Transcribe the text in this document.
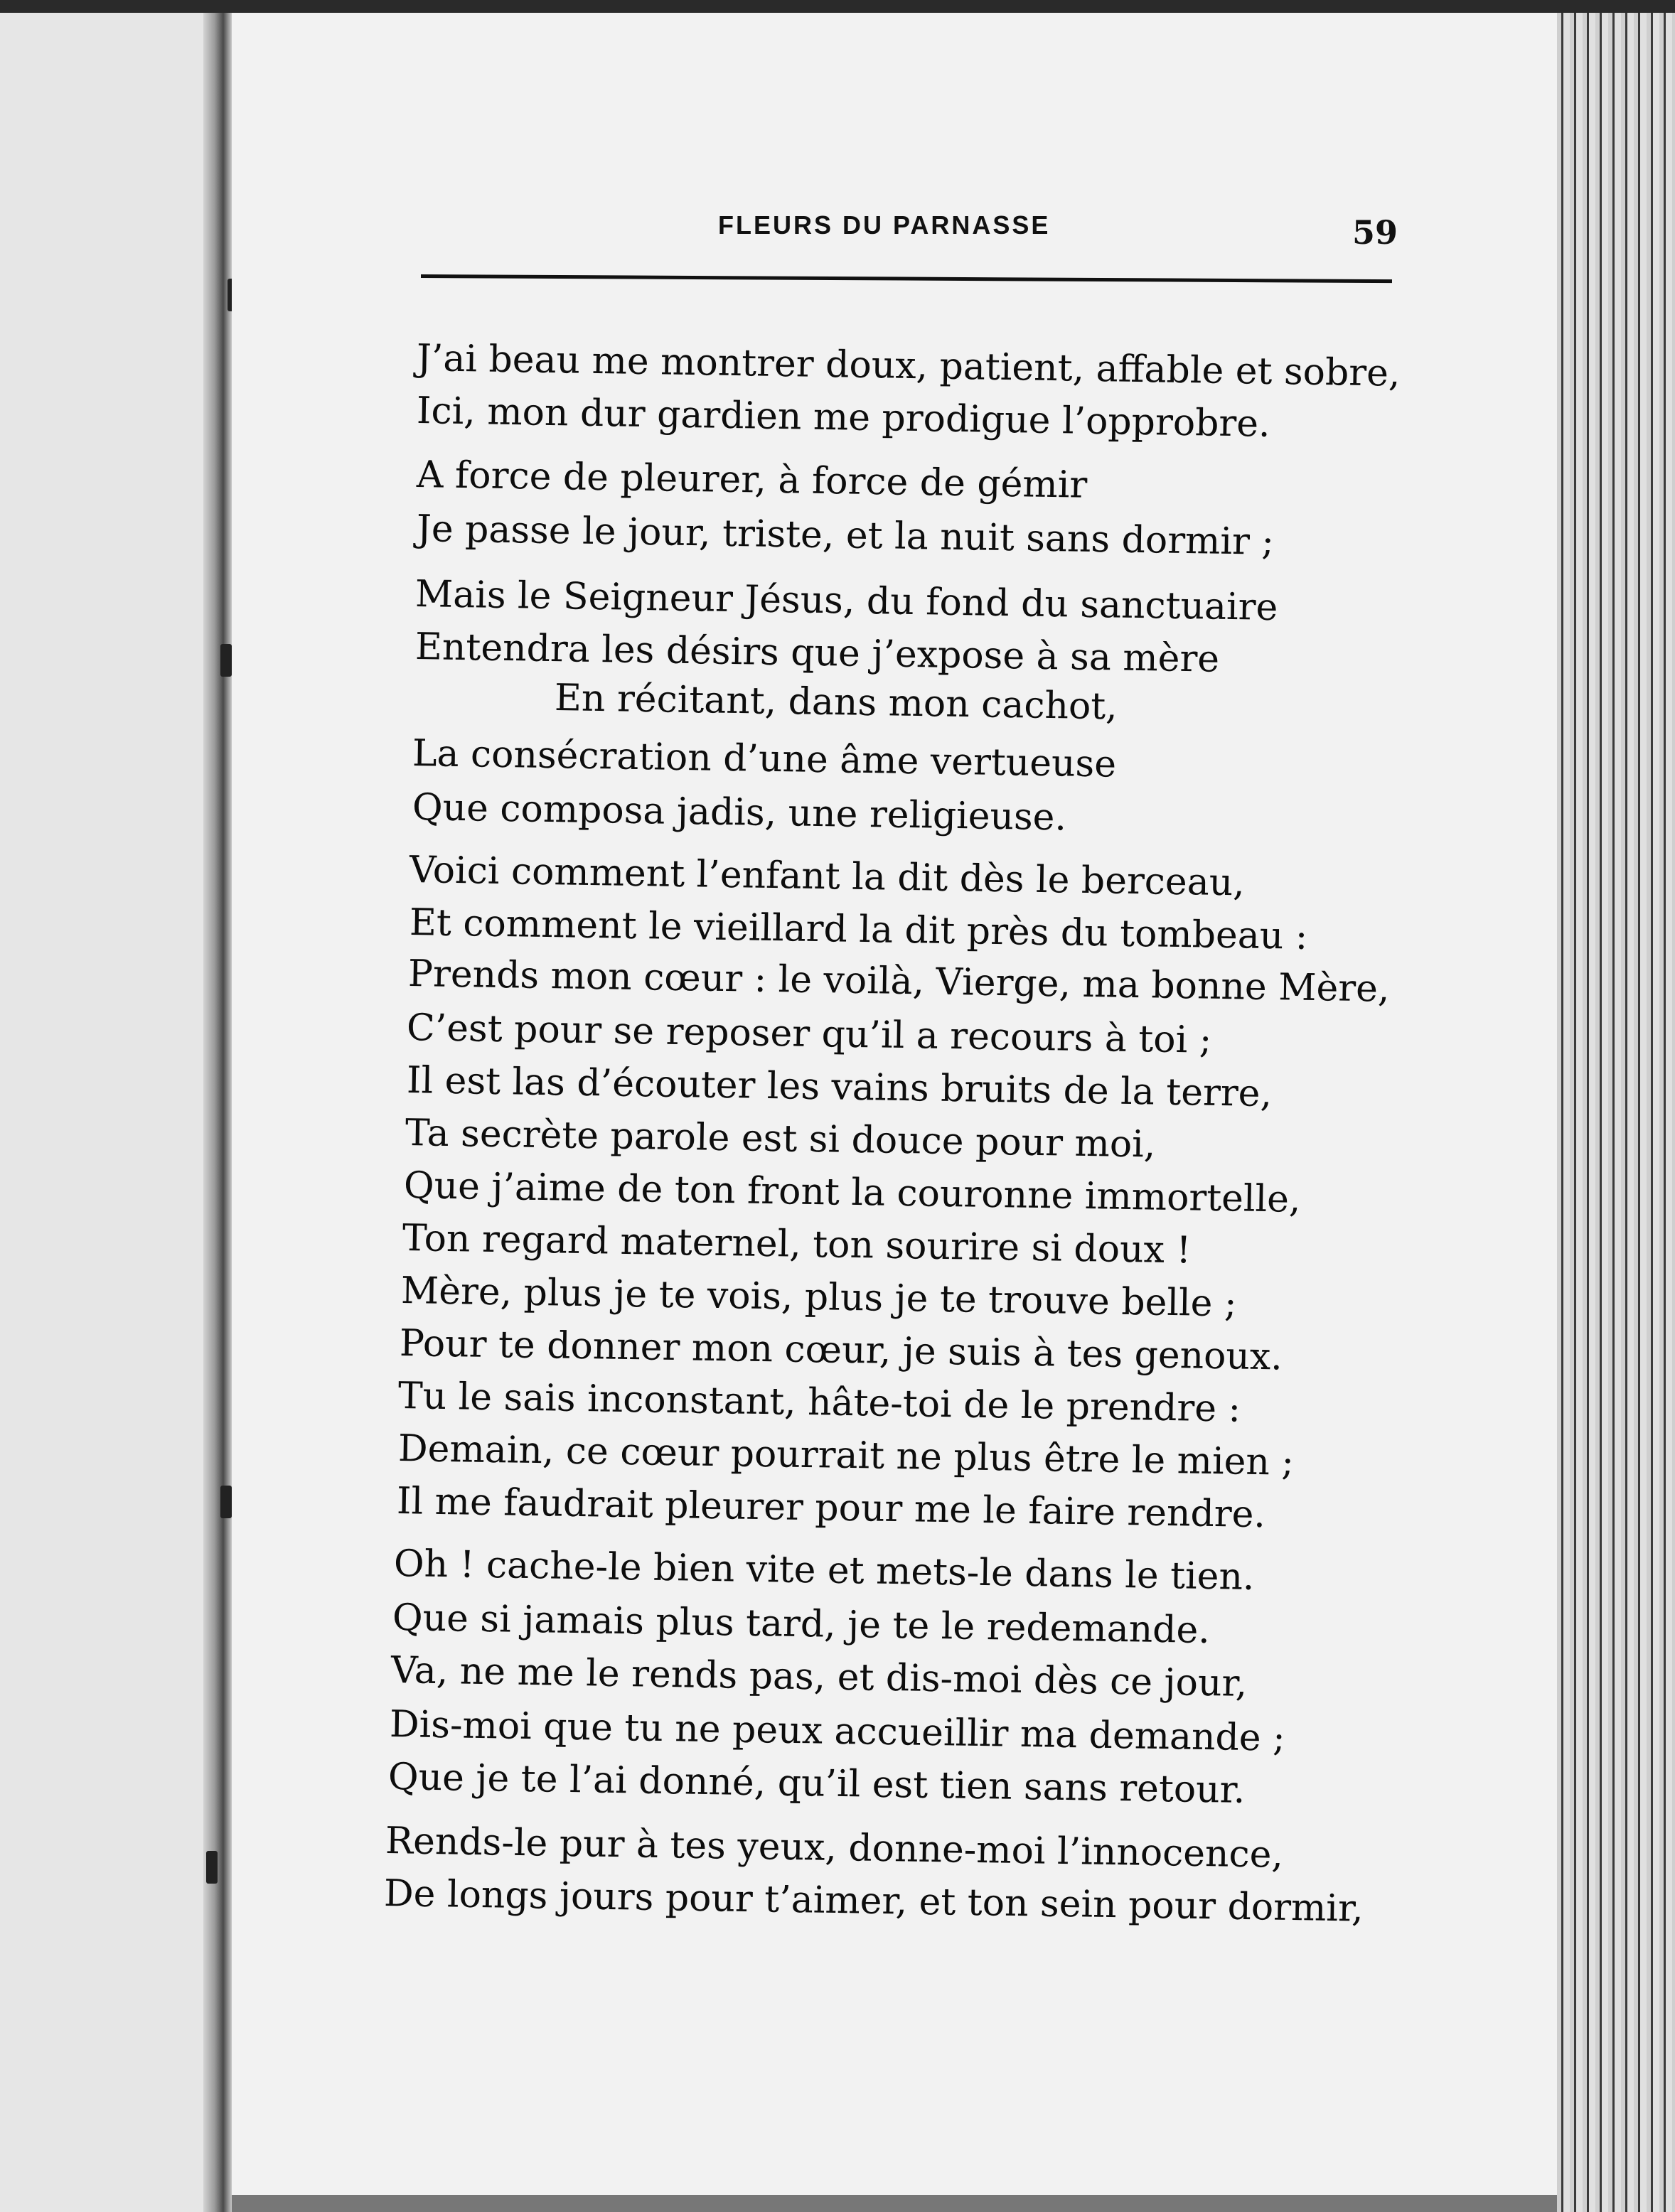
FLEURS DU PARNASSE	59
J’ai beau me montrer doux, patient, affable et sobre,
Ici, mon dur gardien me prodigue l’opprobre.
A force de pleurer, à force de gémir
Je passe le jour, triste, et la nuit sans dormir ;
Mais le Seigneur Jésus, du fond du sanctuaire
Entendra les désirs que j’expose à sa mère
En récitant, dans mon cachot,
La consécration d’une âme vertueuse
Que composa jadis, une religieuse.
Voici comment l’enfant la dit dès le berceau,
Et comment le vieillard la dit près du tombeau :
Prends mon cœur : le voilà, Vierge, ma bonne Mère,
C’est pour se reposer qu’il a recours à toi ;
Il est las d’écouter les vains bruits de la terre,
Ta secrète parole est si douce pour moi,
Que j’aime de ton front la couronne immortelle,
Ton regard maternel, ton sourire si doux !
Mère, plus je te vois, plus je te trouve belle ;
Pour te donner mon cœur, je suis à tes genoux.
Tu le sais inconstant, hâte-toi de le prendre :
Demain, ce cœur pourrait ne plus être le mien ;
Il me faudrait pleurer pour me le faire rendre.
Oh ! cache-le bien vite et mets-le dans le tien.
Que si jamais plus tard, je te le redemande.
Va, ne me le rends pas, et dis-moi dès ce jour,
Dis-moi que tu ne peux accueillir ma demande ;
Que je te l’ai donné, qu’il est tien sans retour.
Rends-le pur à tes yeux, donne-moi l’innocence,
De longs jours pour t’aimer, et ton sein pour dormir,
